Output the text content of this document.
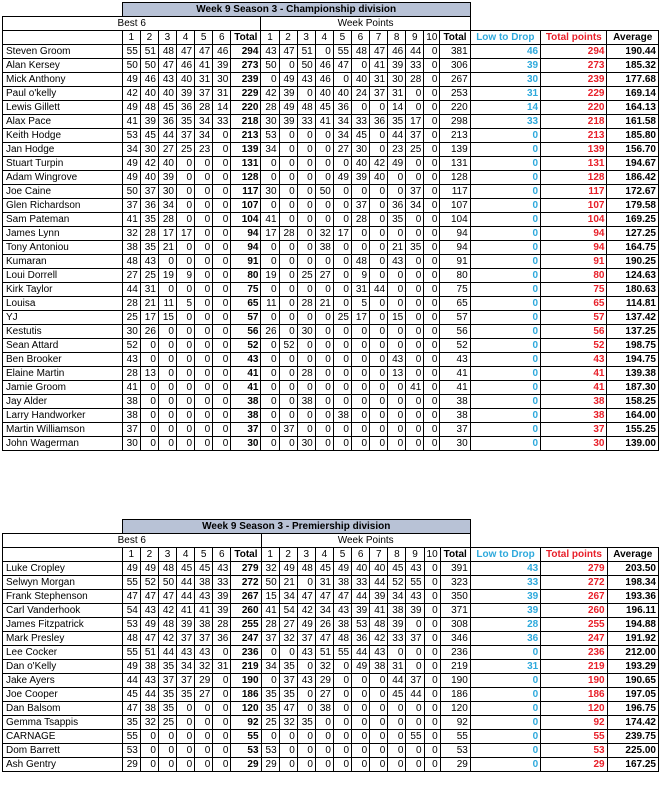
	Week 9 Season 3 - Championship division																				
Best 6								Week Points													
	1	2	3	4	5	6	Total	1	2	3	4	5	6	7	8	9	10	Total	Low to Drop	Total points	Average
Steven Groom	55	51	48	47	47	46	294	43	47	51	0	55	48	47	46	44	0	381	46	294	190.44
Alan Kersey	50	50	47	46	41	39	273	50	0	50	46	47	0	41	39	33	0	306	39	273	185.32
Mick Anthony	49	46	43	40	31	30	239	0	49	43	46	0	40	31	30	28	0	267	30	239	177.68
Paul o'kelly	42	40	40	39	37	31	229	42	39	0	40	40	24	37	31	0	0	253	31	229	169.14
Lewis Gillett	49	48	45	36	28	14	220	28	49	48	45	36	0	0	14	0	0	220	14	220	164.13
Alax Pace	41	39	36	35	34	33	218	30	39	33	41	34	33	36	35	17	0	298	33	218	161.58
Keith Hodge	53	45	44	37	34	0	213	53	0	0	0	34	45	0	44	37	0	213	0	213	185.80
Jan Hodge	34	30	27	25	23	0	139	34	0	0	0	27	30	0	23	25	0	139	0	139	156.70
Stuart Turpin	49	42	40	0	0	0	131	0	0	0	0	0	40	42	49	0	0	131	0	131	194.67
Adam Wingrove	49	40	39	0	0	0	128	0	0	0	0	49	39	40	0	0	0	128	0	128	186.42
Joe Caine	50	37	30	0	0	0	117	30	0	0	50	0	0	0	0	37	0	117	0	117	172.67
Glen Richardson	37	36	34	0	0	0	107	0	0	0	0	0	37	0	36	34	0	107	0	107	179.58
Sam Pateman	41	35	28	0	0	0	104	41	0	0	0	0	28	0	35	0	0	104	0	104	169.25
James Lynn	32	28	17	17	0	0	94	17	28	0	32	17	0	0	0	0	0	94	0	94	127.25
Tony Antoniou	38	35	21	0	0	0	94	0	0	0	38	0	0	0	21	35	0	94	0	94	164.75
Kumaran	48	43	0	0	0	0	91	0	0	0	0	0	48	0	43	0	0	91	0	91	190.25
Loui Dorrell	27	25	19	9	0	0	80	19	0	25	27	0	9	0	0	0	0	80	0	80	124.63
Kirk Taylor	44	31	0	0	0	0	75	0	0	0	0	0	31	44	0	0	0	75	0	75	180.63
Louisa	28	21	11	5	0	0	65	11	0	28	21	0	5	0	0	0	0	65	0	65	114.81
YJ	25	17	15	0	0	0	57	0	0	0	0	25	17	0	15	0	0	57	0	57	137.42
Kestutis	30	26	0	0	0	0	56	26	0	30	0	0	0	0	0	0	0	56	0	56	137.25
Sean Attard	52	0	0	0	0	0	52	0	52	0	0	0	0	0	0	0	0	52	0	52	198.75
Ben Brooker	43	0	0	0	0	0	43	0	0	0	0	0	0	0	43	0	0	43	0	43	194.75
Elaine Martin	28	13	0	0	0	0	41	0	0	28	0	0	0	0	13	0	0	41	0	41	139.38
Jamie Groom	41	0	0	0	0	0	41	0	0	0	0	0	0	0	0	41	0	41	0	41	187.30
Jay Alder	38	0	0	0	0	0	38	0	0	38	0	0	0	0	0	0	0	38	0	38	158.25
Larry Handworker	38	0	0	0	0	0	38	0	0	0	0	38	0	0	0	0	0	38	0	38	164.00
Martin Williamson	37	0	0	0	0	0	37	0	37	0	0	0	0	0	0	0	0	37	0	37	155.25
John Wagerman	30	0	0	0	0	0	30	0	0	30	0	0	0	0	0	0	0	30	0	30	139.00
	Week 9 Season 3 - Premiership division																				
Best 6								Week Points													
	1	2	3	4	5	6	Total	1	2	3	4	5	6	7	8	9	10	Total	Low to Drop	Total points	Average
Luke Cropley	49	49	48	45	45	43	279	32	49	48	45	49	40	40	45	43	0	391	43	279	203.50
Selwyn Morgan	55	52	50	44	38	33	272	50	21	0	31	38	33	44	52	55	0	323	33	272	198.34
Frank Stephenson	47	47	47	44	43	39	267	15	34	47	47	47	44	39	34	43	0	350	39	267	193.36
Carl Vanderhook	54	43	42	41	41	39	260	41	54	42	34	43	39	41	38	39	0	371	39	260	196.11
James Fitzpatrick	53	49	48	39	38	28	255	28	27	49	26	38	53	48	39	0	0	308	28	255	194.88
Mark Presley	48	47	42	37	37	36	247	37	32	37	47	48	36	42	33	37	0	346	36	247	191.92
Lee Cocker	55	51	44	43	43	0	236	0	0	43	51	55	44	43	0	0	0	236	0	236	212.00
Dan o'Kelly	49	38	35	34	32	31	219	34	35	0	32	0	49	38	31	0	0	219	31	219	193.29
Jake Ayers	44	43	37	37	29	0	190	0	37	43	29	0	0	0	44	37	0	190	0	190	190.65
Joe Cooper	45	44	35	35	27	0	186	35	35	0	27	0	0	0	45	44	0	186	0	186	197.05
Dan Balsom	47	38	35	0	0	0	120	35	47	0	38	0	0	0	0	0	0	120	0	120	196.75
Gemma Tsappis	35	32	25	0	0	0	92	25	32	35	0	0	0	0	0	0	0	92	0	92	174.42
CARNAGE	55	0	0	0	0	0	55	0	0	0	0	0	0	0	0	55	0	55	0	55	239.75
Dom Barrett	53	0	0	0	0	0	53	53	0	0	0	0	0	0	0	0	0	53	0	53	225.00
Ash Gentry	29	0	0	0	0	0	29	29	0	0	0	0	0	0	0	0	0	29	0	29	167.25
